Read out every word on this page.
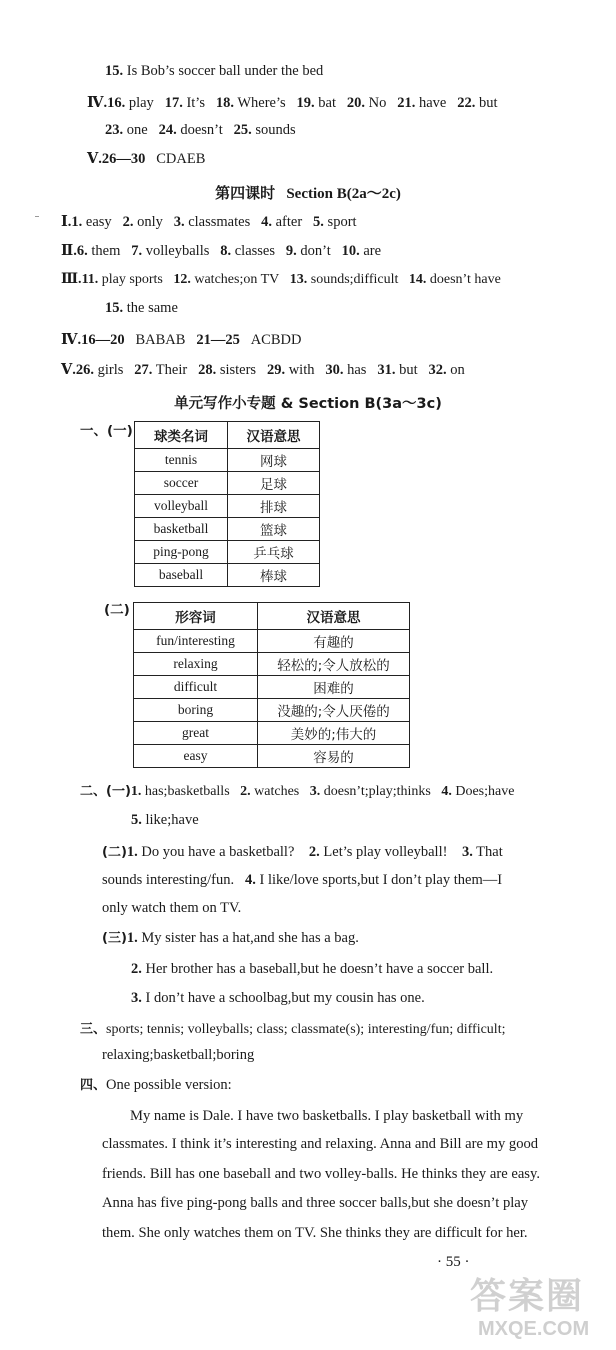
15. Is Bob’s soccer ball under the bed
Ⅳ.16. play 17. It’s 18. Where’s 19. bat 20. No 21. have 22. but
23. one 24. doesn’t 25. sounds
Ⅴ.26—30 CDAEB
第四课时 Section B(2a～2c)
Ⅰ.1. easy 2. only 3. classmates 4. after 5. sport
Ⅱ.6. them 7. volleyballs 8. classes 9. don’t 10. are
Ⅲ.11. play sports 12. watches;on TV 13. sounds;difficult 14. doesn’t have
15. the same
Ⅳ.16—20 BABAB 21—25 ACBDD
Ⅴ.26. girls 27. Their 28. sisters 29. with 30. has 31. but 32. on
单元写作小专题 & Section B(3a～3c)
一、(一) 球类名词	汉语意思
tennis	网球
soccer	足球
volleyball	排球
basketball	篮球
ping-pong	乒乓球
baseball	棒球
(二)	形容词	汉语意思
fun/interesting	有趣的
relaxing	轻松的;令人放松的
difficult	困难的
boring	没趣的;令人厌倦的
great	美妙的;伟大的
easy	容易的
二、(一)1. has;basketballs 2. watches 3. doesn’t;play;thinks 4. Does;have
5. like;have
(二)1. Do you have a basketball? 2. Let’s play volleyball! 3. That
sounds interesting/fun. 4. I like/love sports,but I don’t play them—I
only watch them on TV.
(三)1. My sister has a hat,and she has a bag.
2. Her brother has a baseball,but he doesn’t have a soccer ball.
3. I don’t have a schoolbag,but my cousin has one.
三、sports; tennis; volleyballs; class; classmate(s); interesting/fun; difficult;
relaxing;basketball;boring
四、One possible version:
My name is Dale. I have two basketballs. I play basketball with my
classmates. I think it’s interesting and relaxing. Anna and Bill are my good
friends. Bill has one baseball and two volley-balls. He thinks they are easy.
Anna has five ping-pong balls and three soccer balls,but she doesn’t play
them. She only watches them on TV. She thinks they are difficult for her.
· 55 ·
答案圈
MXQE.COM
